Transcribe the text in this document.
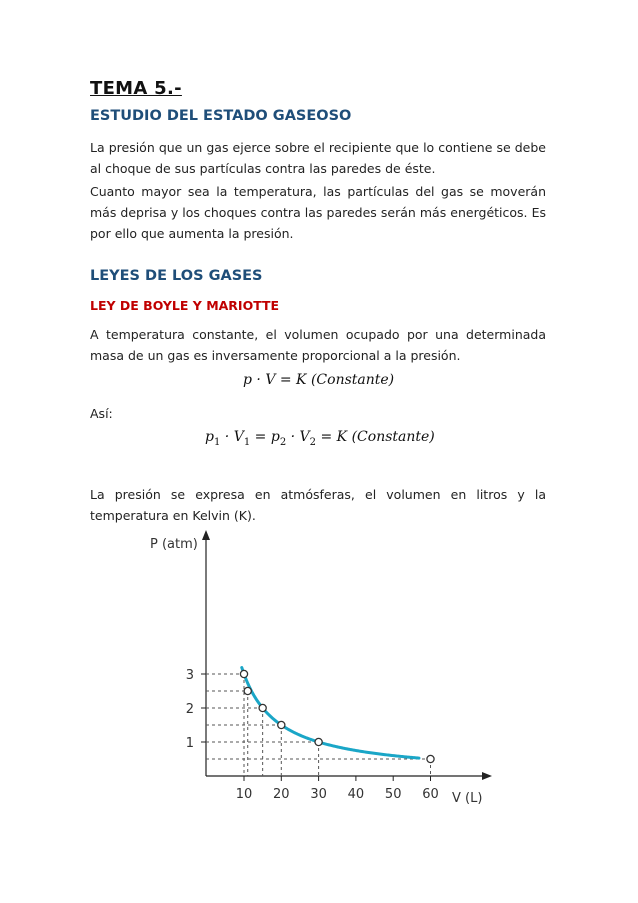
TEMA 5.-
ESTUDIO DEL ESTADO GASEOSO
La presión que un gas ejerce sobre el recipiente que lo contiene se debe al choque de sus partículas contra las paredes de éste.
Cuanto mayor sea la temperatura, las partículas del gas se moverán más deprisa y los choques contra las paredes serán más energéticos. Es por ello que aumenta la presión.
LEYES DE LOS GASES
LEY DE BOYLE Y MARIOTTE
A temperatura constante, el volumen ocupado por una determinada masa de un gas es inversamente proporcional a la presión.
p · V = K (Constante)
Así:
$p_1 \cdot V_1 = p_2 \cdot V_2 = K$ (Constante)
La presión se expresa en atmósferas, el volumen en litros y la temperatura en Kelvin (K).
P (atm)
V (L)
10 20 30 40 50 60
1
2
3
